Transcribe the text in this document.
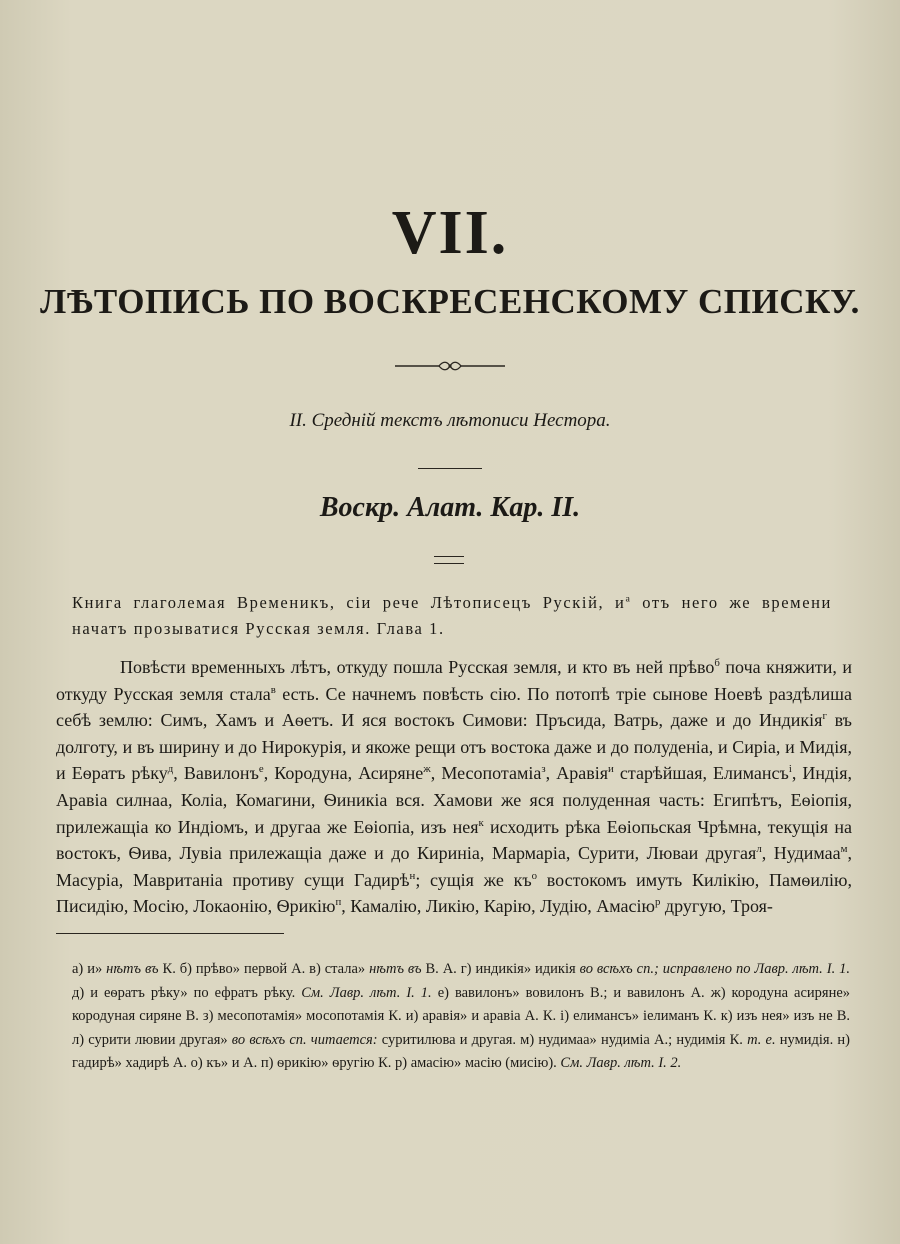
VII.
ЛѢТОПИСЬ ПО ВОСКРЕСЕНСКОМУ СПИСКУ.
II. Среднiй текстъ лѣтописи Нестора.
Воскр. Алат. Кар. II.
Книга глаголемая Временикъ, сiи рече Лѣтописецъ Рускiй, $и^а$ отъ него же времени начатъ прозыватися Русская земля. Глава 1.

Повѣсти временныхъ лѣтъ, откуду пошла Русская земля, и кто въ ней прѣво$^б$ поча княжити, и откуду Русская земля стала$^в$ есть. Се начнемъ повѣсть сiю. По потопѣ трiе сынове Ноевѣ раздѣлиша себѣ землю: Симъ, Хамъ и Аѳетъ. И яся востокъ Симови: Пръсида, Ватрь, даже и до Индикiя$^г$ въ долготу, и въ ширину и до Нирокурiя, и якоже рещи отъ востока даже и до полуденiа, и Сирiа, и Мидiя, и Еѳратъ рѣку$^д$, Вавилонъ$^е$, Кородуна, Асиряне$^ж$, Месопотамiа$^з$, Аравiя$^и$ старѣйшая, Елимансъ$^i$, Индiя, Аравiа силнаа, Колiа, Комагини, Ѳиникiа вся. Хамови же яся полуденная часть: Египѣтъ, Еѳiопiя, прилежащiа ко Индiомъ, и другаа же Еѳiопiа, изъ нея$^к$ исходить рѣка Еѳiопьская Чрѣмна, текущiя на востокъ, Ѳива, Лувiа прилежащiа даже и до Киринiа, Мармарiа, Сурити, Люваи другая$^л$, Нудимаа$^м$, Масурiа, Мавританiа противу сущи Гадирѣ$^н$; сущiя же $къ^о$ востокомъ имуть Килiкiю, Памѳилiю, Писидiю, Мосiю, Локаонiю, Ѳрикiю$^п$, Камалiю, Ликiю, Карiю, Лудiю, Амасiю$^р$ другую, Троя-

а) и» нѣтъ въ К. б) прѣво» первой А. в) стала» нѣтъ въ В. А. г) индикiя» идикiя во всѣхъ сп.; исправлено по Лавр. лѣт. I. 1. д) и еѳратъ рѣку» по ефратъ рѣку. См. Лавр. лѣт. I. 1. е) вавилонъ» вовилонъ В.; и вавилонъ А. ж) кородуна асиряне» кородуная сиряне В. з) месопотамiя» мосопотамiя К. и) аравiя» и аравiа А. К. i) елимансъ» iелиманъ К. к) изъ нея» изъ не В. л) сурити лювии другая» во всѣхъ сп. читается: суритилюва и другая. м) нудимаа» нудимiа А.; нудимiя К. т. е. нумидiя. н) гадирѣ» хадирѣ А. о) къ» и А. п) ѳрикiю» ѳругiю К. р) амасiю» масiю (мисiю). См. Лавр. лѣт. I. 2.
